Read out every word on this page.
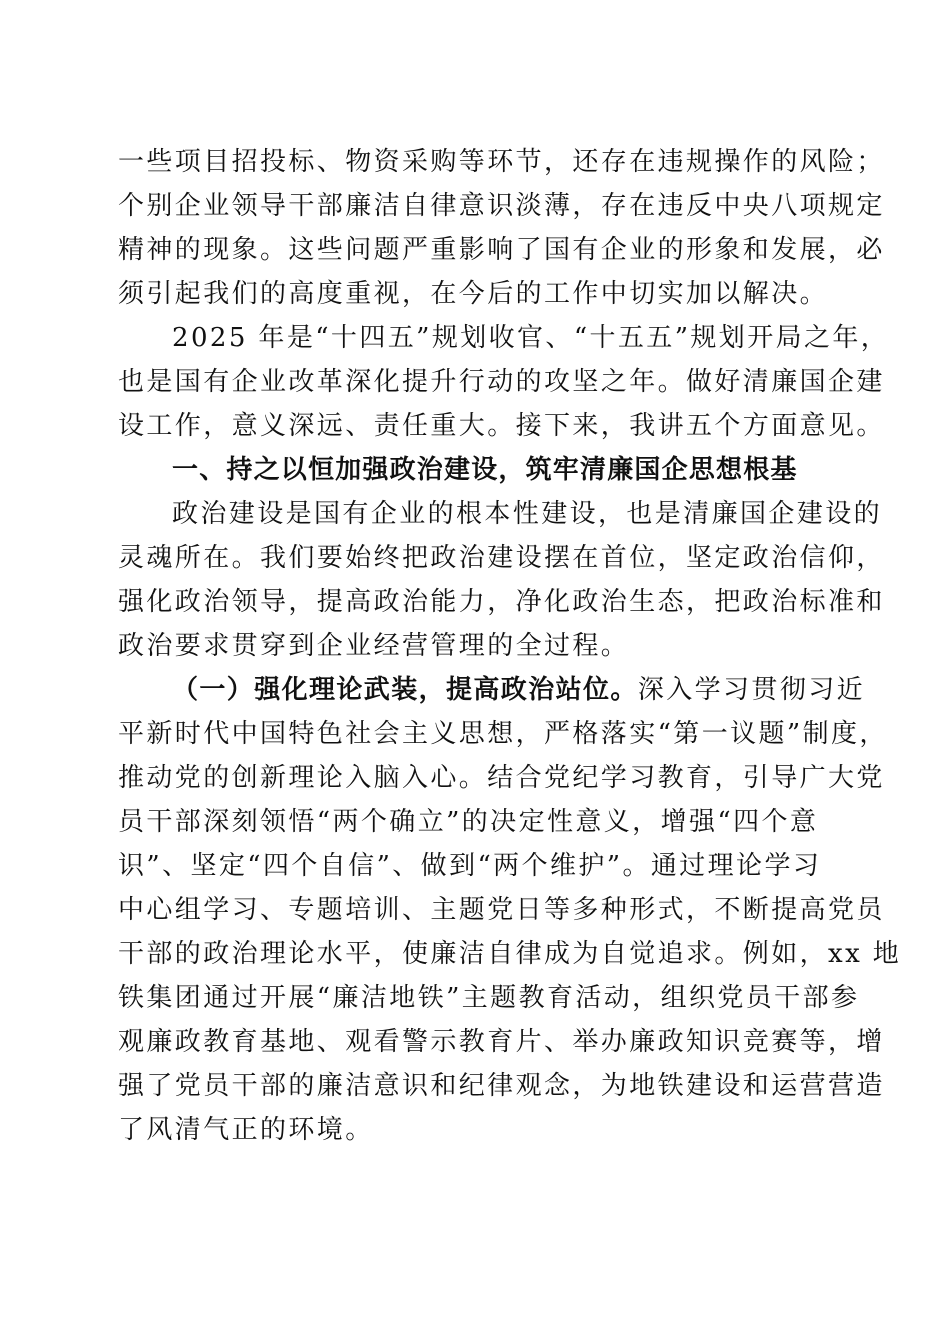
一些项目招投标、物资采购等环节，还存在违规操作的风险；
个别企业领导干部廉洁自律意识淡薄，存在违反中央八项规定
精神的现象。这些问题严重影响了国有企业的形象和发展，必
须引起我们的高度重视，在今后的工作中切实加以解决。
2025 年是“十四五”规划收官、“十五五”规划开局之年，
也是国有企业改革深化提升行动的攻坚之年。做好清廉国企建
设工作，意义深远、责任重大。接下来，我讲五个方面意见。
一、持之以恒加强政治建设，筑牢清廉国企思想根基
政治建设是国有企业的根本性建设，也是清廉国企建设的
灵魂所在。我们要始终把政治建设摆在首位，坚定政治信仰，
强化政治领导，提高政治能力，净化政治生态，把政治标准和
政治要求贯穿到企业经营管理的全过程。
（一）强化理论武装，提高政治站位。深入学习贯彻习近
平新时代中国特色社会主义思想，严格落实“第一议题”制度，
推动党的创新理论入脑入心。结合党纪学习教育，引导广大党
员干部深刻领悟“两个确立”的决定性意义，增强“四个意
识”、坚定“四个自信”、做到“两个维护”。通过理论学习
中心组学习、专题培训、主题党日等多种形式，不断提高党员
干部的政治理论水平，使廉洁自律成为自觉追求。例如，xx 地
铁集团通过开展“廉洁地铁”主题教育活动，组织党员干部参
观廉政教育基地、观看警示教育片、举办廉政知识竞赛等，增
强了党员干部的廉洁意识和纪律观念，为地铁建设和运营营造
了风清气正的环境。
